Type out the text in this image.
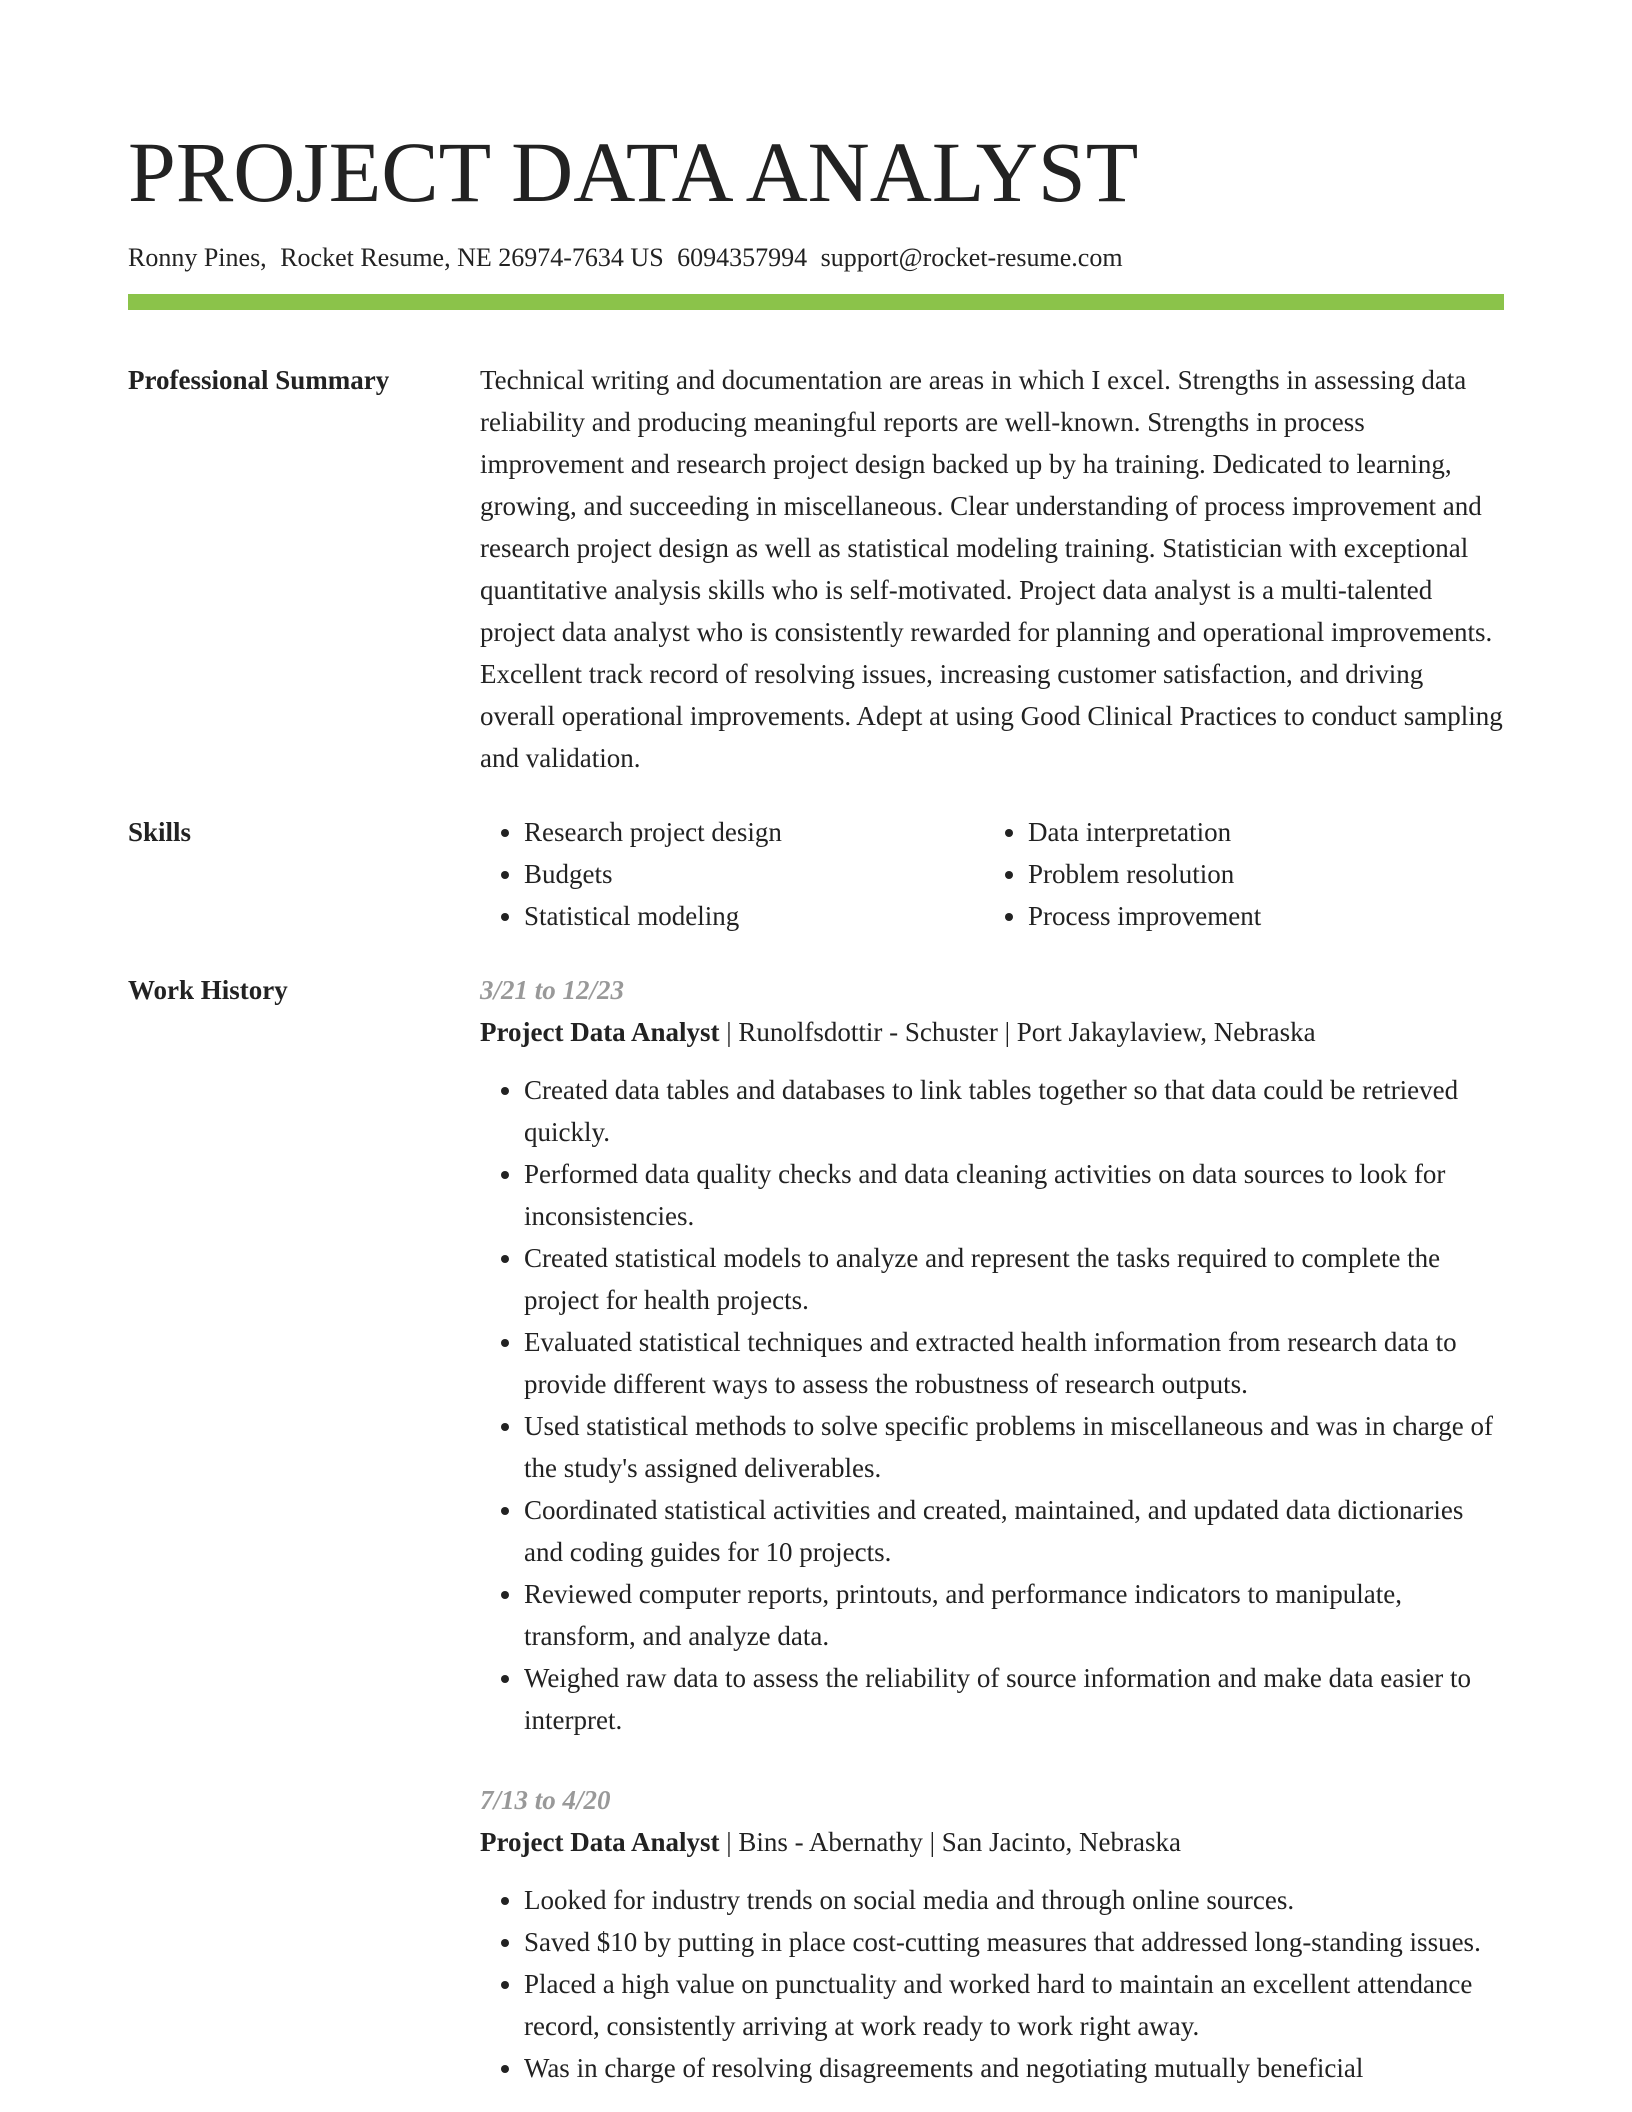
PROJECT DATA ANALYST
Ronny Pines, Rocket Resume, NE 26974-7634 US 6094357994 support@rocket-resume.com
Professional Summary	Technical writing and documentation are areas in which I excel. Strengths in assessing data reliability and producing meaningful reports are well-known. Strengths in process improvement and research project design backed up by ha training. Dedicated to learning, growing, and succeeding in miscellaneous. Clear understanding of process improvement and research project design as well as statistical modeling training. Statistician with exceptional quantitative analysis skills who is self-motivated. Project data analyst is a multi-talented project data analyst who is consistently rewarded for planning and operational improvements. Excellent track record of resolving issues, increasing customer satisfaction, and driving overall operational improvements. Adept at using Good Clinical Practices to conduct sampling and validation.
Skills
•	Research project design
• Budgets
• Statistical modeling
• Data interpretation
• Problem resolution
• Process improvement
Work History	3/21 to 12/23
Project Data Analyst | Runolfsdottir - Schuster | Port Jakaylaview, Nebraska
• Created data tables and databases to link tables together so that data could be retrieved quickly.
• Performed data quality checks and data cleaning activities on data sources to look for inconsistencies.
• Created statistical models to analyze and represent the tasks required to complete the project for health projects.
• Evaluated statistical techniques and extracted health information from research data to provide different ways to assess the robustness of research outputs.
• Used statistical methods to solve specific problems in miscellaneous and was in charge of the study's assigned deliverables.
• Coordinated statistical activities and created, maintained, and updated data dictionaries and coding guides for 10 projects.
• Reviewed computer reports, printouts, and performance indicators to manipulate, transform, and analyze data.
• Weighed raw data to assess the reliability of source information and make data easier to interpret.
7/13 to 4/20
Project Data Analyst | Bins - Abernathy | San Jacinto, Nebraska
• Looked for industry trends on social media and through online sources.
• Saved $10 by putting in place cost-cutting measures that addressed long-standing issues.
• Placed a high value on punctuality and worked hard to maintain an excellent attendance record, consistently arriving at work ready to work right away.
• Was in charge of resolving disagreements and negotiating mutually beneficial
